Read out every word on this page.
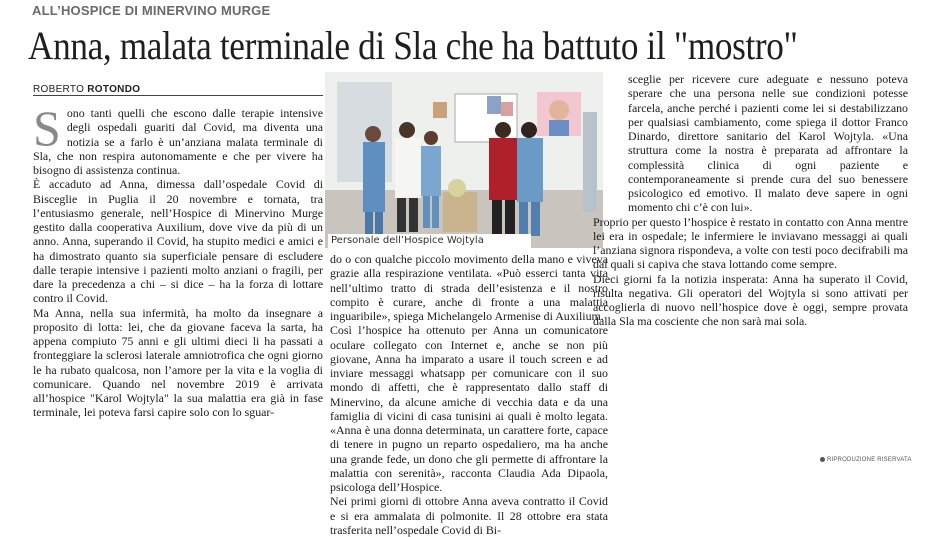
ALL’HOSPICE DI MINERVINO MURGE
Anna, malata terminale di Sla che ha battuto il "mostro"
ROBERTO ROTONDO

Sono tanti quelli che escono dalle terapie intensive degli ospedali guariti dal Covid, ma diventa una notizia se a farlo è un’anziana malata terminale di Sla, che non respira autonomamente e che per vivere ha bisogno di assistenza continua.

È accaduto ad Anna, dimessa dall’ospedale Covid di Bisceglie in Puglia il 20 novembre e tornata, tra l’entusiasmo generale, nell’Hospice di Minervino Murge gestito dalla cooperativa Auxilium, dove vive da più di un anno. Anna, superando il Covid, ha stupito medici e amici e ha dimostrato quanto sia superficiale pensare di escludere dalle terapie intensive i pazienti molto anziani o fragili, per dare la precedenza a chi – si dice – ha la forza di lottare contro il Covid.

Ma Anna, nella sua infermità, ha molto da insegnare a proposito di lotta: lei, che da giovane faceva la sarta, ha appena compiuto 75 anni e gli ultimi dieci li ha passati a fronteggiare la sclerosi laterale amniotrofica che ogni giorno le ha rubato qualcosa, non l’amore per la vita e la voglia di comunicare. Quando nel novembre 2019 è arrivata all’hospice "Karol Wojtyla" la sua malattia era già in fase terminale, lei poteva farsi capire solo con lo sguar-

Personale dell’Hospice Wojtyla

do o con qualche piccolo movimento della mano e viveva grazie alla respirazione ventilata. «Può esserci tanta vita nell’ultimo tratto di strada dell’esistenza e il nostro compito è curare, anche di fronte a una malattia inguaribile», spiega Michelangelo Armenise di Auxilium.

Così l’hospice ha ottenuto per Anna un comunicatore oculare collegato con Internet e, anche se non più giovane, Anna ha imparato a usare il touch screen e ad inviare messaggi whatsapp per comunicare con il suo mondo di affetti, che è rappresentato dallo staff di Minervino, da alcune amiche di vecchia data e da una famiglia di vicini di casa tunisini ai quali è molto legata. «Anna è una donna determinata, un carattere forte, capace di tenere in pugno un reparto ospedaliero, ma ha anche una grande fede, un dono che gli permette di affrontare la malattia con serenità», racconta Claudia Ada Dipaola, psicologa dell’Hospice.

Nei primi giorni di ottobre Anna aveva contratto il Covid e si era ammalata di polmonite. Il 28 ottobre era stata trasferita nell’ospedale Covid di Bi-

sceglie per ricevere cure adeguate e nessuno poteva sperare che una persona nelle sue condizioni potesse farcela, anche perché i pazienti come lei si destabilizzano per qualsiasi cambiamento, come spiega il dottor Franco Dinardo, direttore sanitario del Karol Wojtyla. «Una struttura come la nostra è preparata ad affrontare la complessità clinica di ogni paziente e contemporaneamente si prende cura del suo benessere psicologico ed emotivo. Il malato deve sapere in ogni momento chi c’è con lui».

Proprio per questo l’hospice è restato in contatto con Anna mentre lei era in ospedale; le infermiere le inviavano messaggi ai quali l’anziana signora rispondeva, a volte con testi poco decifrabili ma dai quali si capiva che stava lottando come sempre.

Dieci giorni fa la notizia insperata: Anna ha superato il Covid, risulta negativa. Gli operatori del Wojtyla si sono attivati per accoglierla di nuovo nell’hospice dove è oggi, sempre provata dalla Sla ma cosciente che non sarà mai sola.

RIPRODUZIONE RISERVATA
